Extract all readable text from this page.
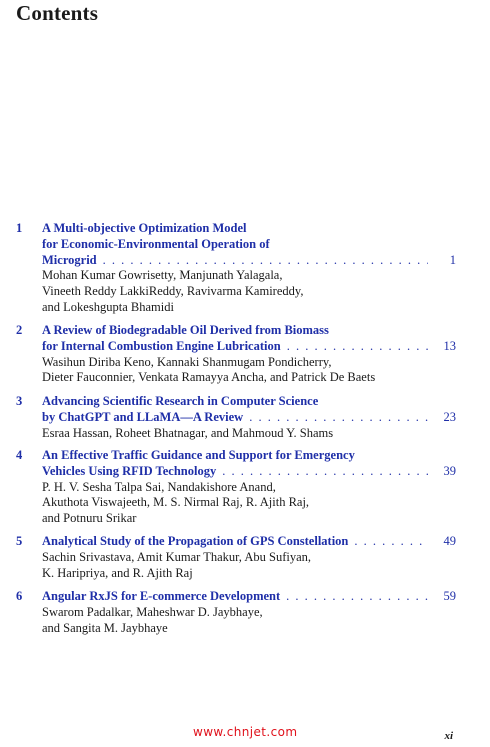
Contents
1	A Multi-objective Optimization Model
for Economic-Environmental Operation of
Microgrid . . .	1
Mohan Kumar Gowrisetty, Manjunath Yalagala,
Vineeth Reddy LakkiReddy, Ravivarma Kamireddy,
and Lokeshgupta Bhamidi
2	A Review of Biodegradable Oil Derived from Biomass
for Internal Combustion Engine Lubrication . . .	13
Wasihun Diriba Keno, Kannaki Shanmugam Pondicherry,
Dieter Fauconnier, Venkata Ramayya Ancha, and Patrick De Baets
3	Advancing Scientific Research in Computer Science
by ChatGPT and LLaMA—A Review . . .	23
Esraa Hassan, Roheet Bhatnagar, and Mahmoud Y. Shams
4	An Effective Traffic Guidance and Support for Emergency
Vehicles Using RFID Technology . . .	39
P. H. V. Sesha Talpa Sai, Nandakishore Anand,
Akuthota Viswajeeth, M. S. Nirmal Raj, R. Ajith Raj,
and Potnuru Srikar
5	Analytical Study of the Propagation of GPS Constellation . . .	49
Sachin Srivastava, Amit Kumar Thakur, Abu Sufiyan,
K. Haripriya, and R. Ajith Raj
6	Angular RxJS for E-commerce Development . . .	59
Swarom Padalkar, Maheshwar D. Jaybhaye,
and Sangita M. Jaybhaye
www.chnjet.com	xi
